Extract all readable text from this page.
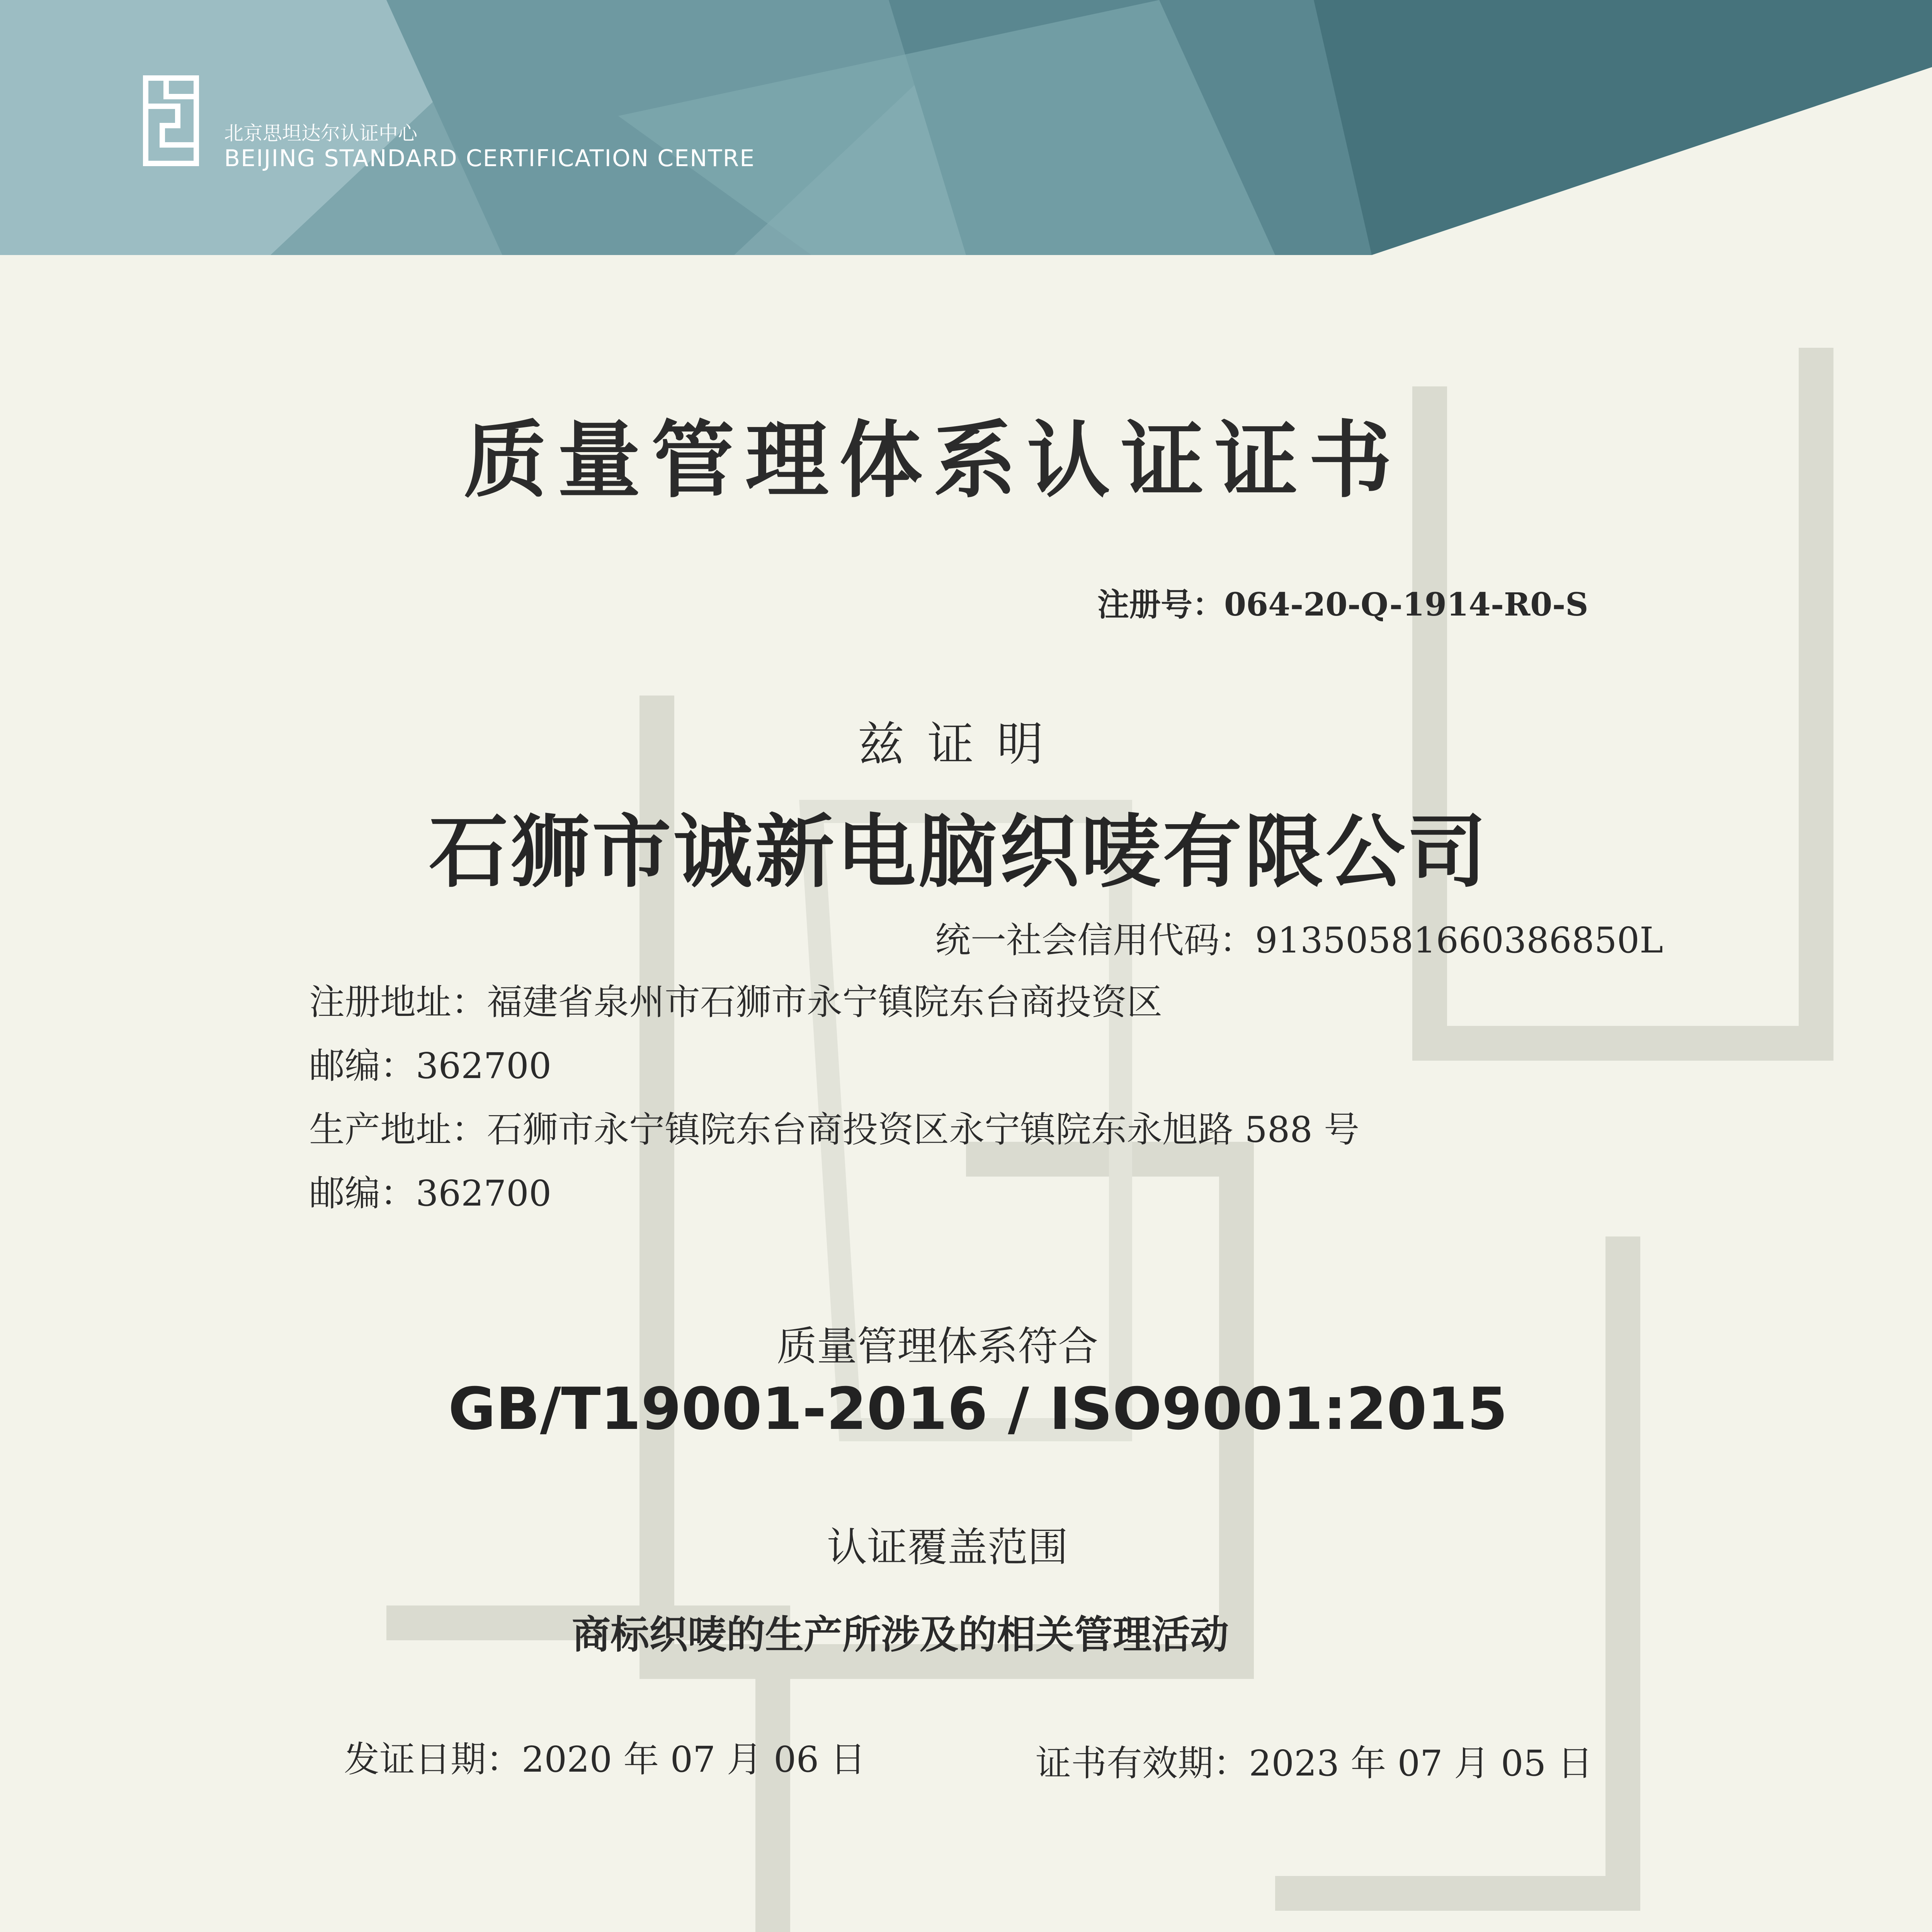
北京思坦达尔认证中心
BEIJING STANDARD CERTIFICATION CENTRE
质量管理体系认证证书
注册号：064-20-Q-1914-R0-S
兹证明
石狮市诚新电脑织唛有限公司
统一社会信用代码：91350581660386850L
注册地址：福建省泉州市石狮市永宁镇院东台商投资区
邮编：362700
生产地址：石狮市永宁镇院东台商投资区永宁镇院东永旭路 588 号
邮编：362700
质量管理体系符合
GB/T19001-2016 / ISO9001:2015
认证覆盖范围
商标织唛的生产所涉及的相关管理活动
发证日期：2020 年 07 月 06 日	证书有效期：2023 年 07 月 05 日
